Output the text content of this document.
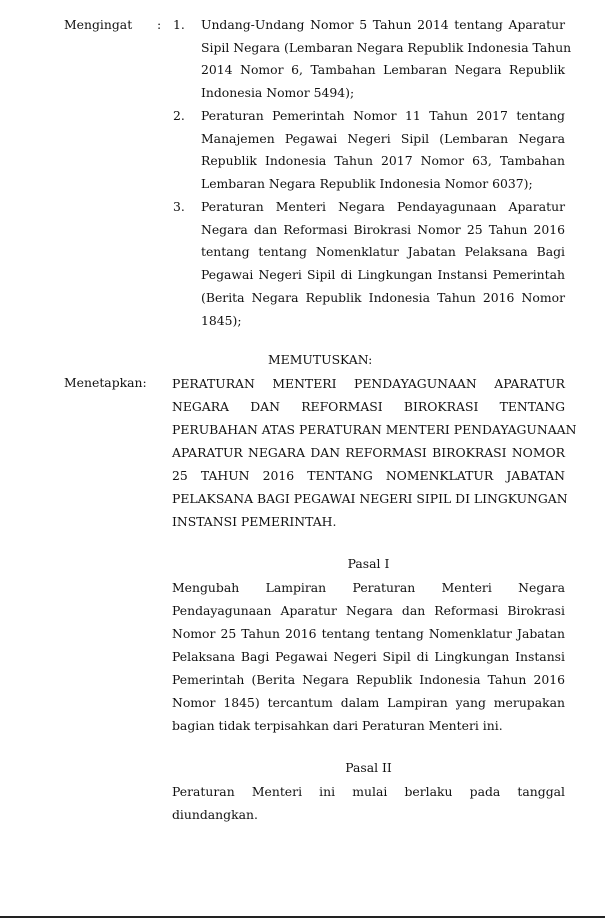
Mengingat : 1. Undang-Undang Nomor 5 Tahun 2014 tentang Aparatur
Sipil Negara (Lembaran Negara Republik Indonesia Tahun
2014 Nomor 6, Tambahan Lembaran Negara Republik
Indonesia Nomor 5494);
2. Peraturan Pemerintah Nomor 11 Tahun 2017 tentang
Manajemen Pegawai Negeri Sipil (Lembaran Negara
Republik Indonesia Tahun 2017 Nomor 63, Tambahan
Lembaran Negara Republik Indonesia Nomor 6037);
3. Peraturan Menteri Negara Pendayagunaan Aparatur
Negara dan Reformasi Birokrasi Nomor 25 Tahun 2016
tentang tentang Nomenklatur Jabatan Pelaksana Bagi
Pegawai Negeri Sipil di Lingkungan Instansi Pemerintah
(Berita Negara Republik Indonesia Tahun 2016 Nomor
1845);
MEMUTUSKAN:
Menetapkan: PERATURAN MENTERI PENDAYAGUNAAN APARATUR
NEGARA DAN REFORMASI BIROKRASI TENTANG
PERUBAHAN ATAS PERATURAN MENTERI PENDAYAGUNAAN
APARATUR NEGARA DAN REFORMASI BIROKRASI NOMOR
25 TAHUN 2016 TENTANG NOMENKLATUR JABATAN
PELAKSANA BAGI PEGAWAI NEGERI SIPIL DI LINGKUNGAN
INSTANSI PEMERINTAH.
Pasal I
Mengubah Lampiran Peraturan Menteri Negara
Pendayagunaan Aparatur Negara dan Reformasi Birokrasi
Nomor 25 Tahun 2016 tentang tentang Nomenklatur Jabatan
Pelaksana Bagi Pegawai Negeri Sipil di Lingkungan Instansi
Pemerintah (Berita Negara Republik Indonesia Tahun 2016
Nomor 1845) tercantum dalam Lampiran yang merupakan
bagian tidak terpisahkan dari Peraturan Menteri ini.
Pasal II
Peraturan Menteri ini mulai berlaku pada tanggal
diundangkan.
